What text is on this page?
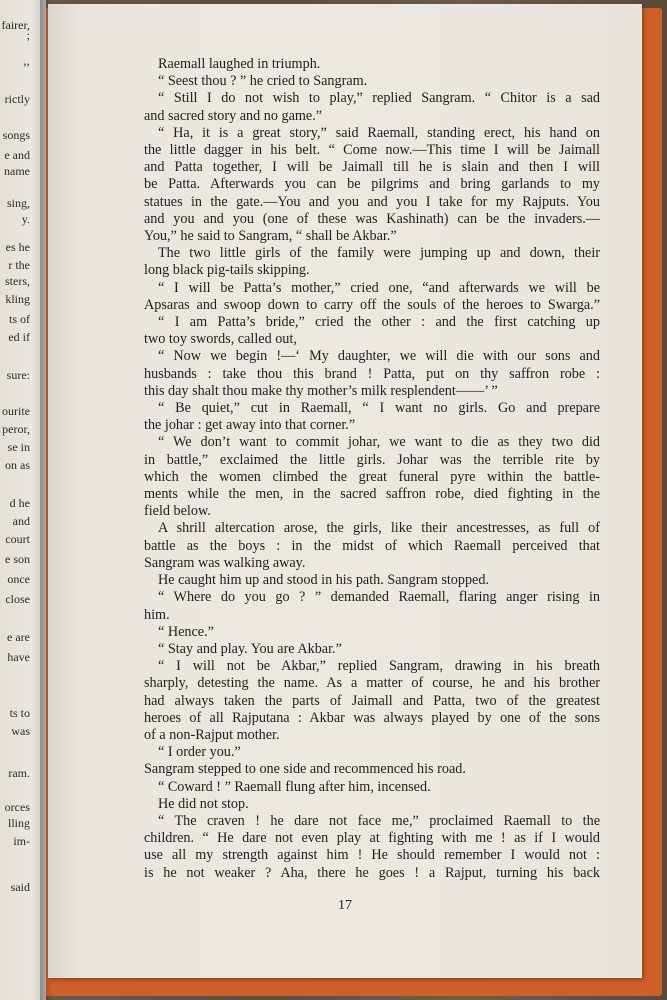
fairer,
;
’’
rictly
songs
e and
name
sing,
y.
es he
r the
sters,
kling
ts of
ed if
sure:
ourite
peror,
se in
on as
d he
and
court
e son
once
close
e are
have
ts to
was
ram.
orces
lling
im-
said
Raemall laughed in triumph.
“ Seest thou ? ” he cried to Sangram.
“ Still I do not wish to play,” replied Sangram. “ Chitor is a sad
and sacred story and no game.”
“ Ha, it is a great story,” said Raemall, standing erect, his hand on
the little dagger in his belt. “ Come now.—This time I will be Jaimall
and Patta together, I will be Jaimall till he is slain and then I will
be Patta. Afterwards you can be pilgrims and bring garlands to my
statues in the gate.—You and you and you I take for my Rajputs. You
and you and you (one of these was Kashinath) can be the invaders.—
You,” he said to Sangram, “ shall be Akbar.”
The two little girls of the family were jumping up and down, their
long black pig-tails skipping.
“ I will be Patta’s mother,” cried one, “and afterwards we will be
Apsaras and swoop down to carry off the souls of the heroes to Swarga.”
“ I am Patta’s bride,” cried the other : and the first catching up
two toy swords, called out,
“ Now we begin !—‘ My daughter, we will die with our sons and
husbands : take thou this brand ! Patta, put on thy saffron robe :
this day shalt thou make thy mother’s milk resplendent——’ ”
“ Be quiet,” cut in Raemall, “ I want no girls. Go and prepare
the johar : get away into that corner.”
“ We don’t want to commit johar, we want to die as they two did
in battle,” exclaimed the little girls. Johar was the terrible rite by
which the women climbed the great funeral pyre within the battle-
ments while the men, in the sacred saffron robe, died fighting in the
field below.
A shrill altercation arose, the girls, like their ancestresses, as full of
battle as the boys : in the midst of which Raemall perceived that
Sangram was walking away.
He caught him up and stood in his path. Sangram stopped.
“ Where do you go ? ” demanded Raemall, flaring anger rising in
him.
“ Hence.”
“ Stay and play. You are Akbar.”
“ I will not be Akbar,” replied Sangram, drawing in his breath
sharply, detesting the name. As a matter of course, he and his brother
had always taken the parts of Jaimall and Patta, two of the greatest
heroes of all Rajputana : Akbar was always played by one of the sons
of a non-Rajput mother.
“ I order you.”
Sangram stepped to one side and recommenced his road.
“ Coward ! ” Raemall flung after him, incensed.
He did not stop.
“ The craven ! he dare not face me,” proclaimed Raemall to the
children. “ He dare not even play at fighting with me ! as if I would
use all my strength against him ! He should remember I would not :
is he not weaker ? Aha, there he goes ! a Rajput, turning his back
17
